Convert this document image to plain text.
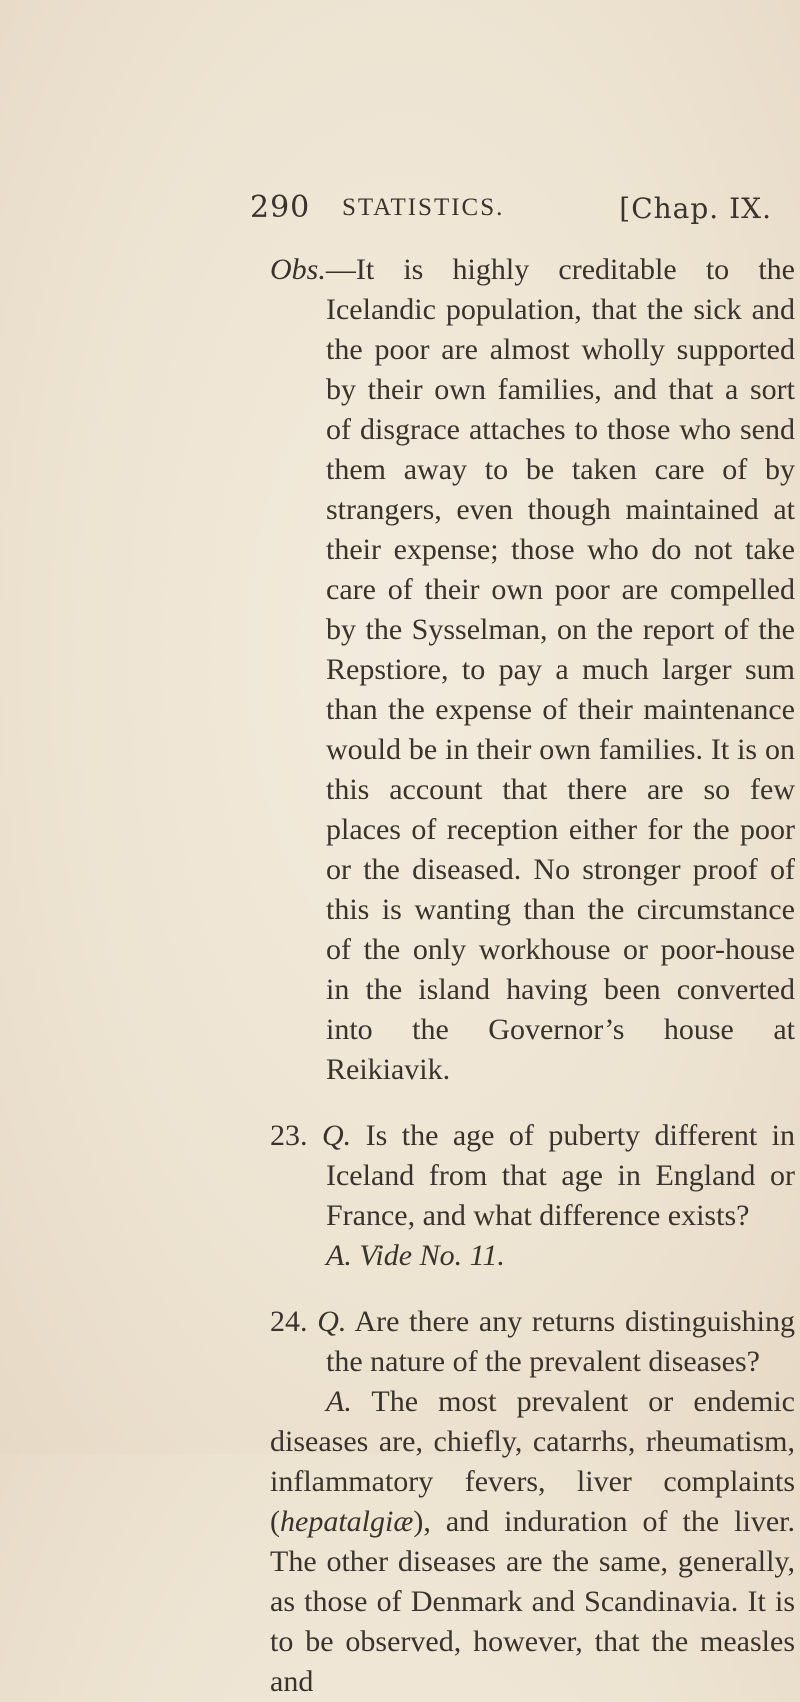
290 STATISTICS.	[Chap. IX.

Obs.—It is highly creditable to the Icelandic population, that the sick and the poor are almost wholly supported by their own families, and that a sort of disgrace attaches to those who send them away to be taken care of by strangers, even though maintained at their expense; those who do not take care of their own poor are compelled by the Sysselman, on the report of the Repstiore, to pay a much larger sum than the expense of their maintenance would be in their own families. It is on this account that there are so few places of reception either for the poor or the diseased. No stronger proof of this is wanting than the circumstance of the only workhouse or poor-house in the island having been converted into the Governor’s house at Reikiavik.

23. Q. Is the age of puberty different in Iceland from that age in England or France, and what difference exists?

A. Vide No. 11.

24. Q. Are there any returns distinguishing the nature of the prevalent diseases?

A. The most prevalent or endemic diseases are, chiefly, catarrhs, rheumatism, inflammatory fevers, liver complaints (hepatalgiæ), and induration of the liver. The other diseases are the same, generally, as those of Denmark and Scandinavia. It is to be observed, however, that the measles and
